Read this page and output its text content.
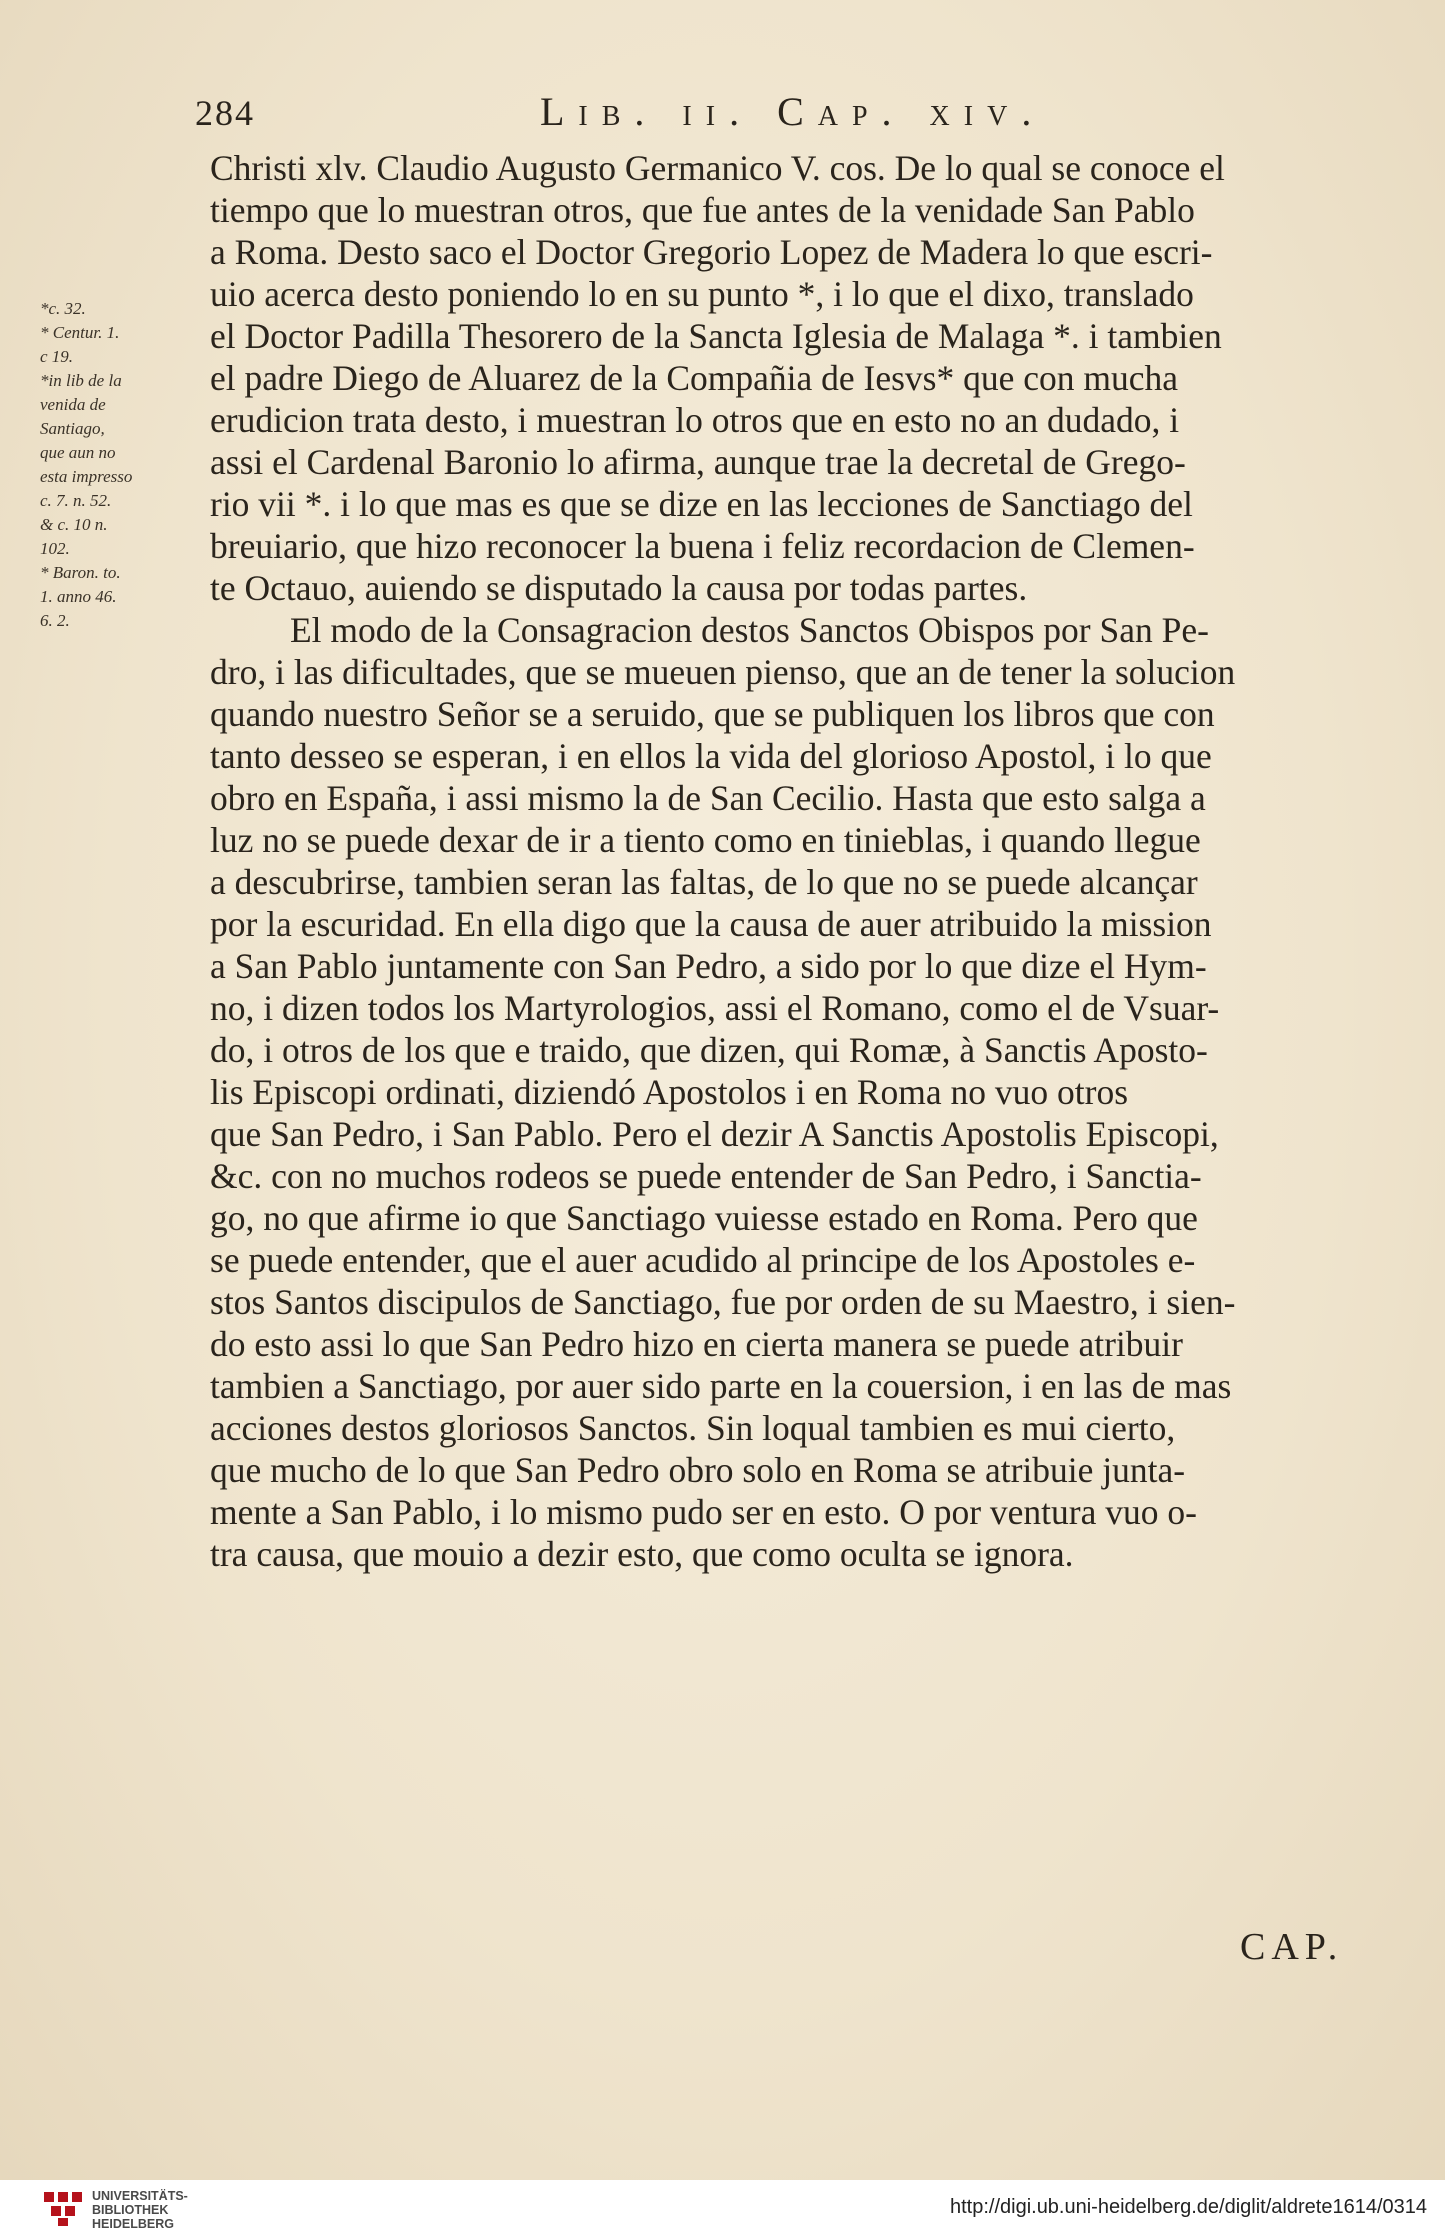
284	Lib. ii. Cap. xiv.
*c. 32.
* Centur. 1.
c 19.
*in lib de la
venida de
Santiago,
que aun no
esta impresso
c. 7. n. 52.
& c. 10 n.
102.
* Baron. to.
1. anno 46.
6. 2.
Christi xlv. Claudio Augusto Germanico V. cos. De lo qual se conoce el
tiempo que lo muestran otros, que fue antes de la venidade San Pablo
a Roma. Desto saco el Doctor Gregorio Lopez de Madera lo que escri-
uio acerca desto poniendo lo en su punto *, i lo que el dixo, translado
el Doctor Padilla Thesorero de la Sancta Iglesia de Malaga *. i tambien
el padre Diego de Aluarez de la Compañia de Iesvs* que con mucha
erudicion trata desto, i muestran lo otros que en esto no an dudado, i
assi el Cardenal Baronio lo afirma, aunque trae la decretal de Grego-
rio vii *. i lo que mas es que se dize en las lecciones de Sanctiago del
breuiario, que hizo reconocer la buena i feliz recordacion de Clemen-
te Octauo, auiendo se disputado la causa por todas partes.
El modo de la Consagracion destos Sanctos Obispos por San Pe-
dro, i las dificultades, que se mueuen pienso, que an de tener la solucion
quando nuestro Señor se a seruido, que se publiquen los libros que con
tanto desseo se esperan, i en ellos la vida del glorioso Apostol, i lo que
obro en España, i assi mismo la de San Cecilio. Hasta que esto salga a
luz no se puede dexar de ir a tiento como en tinieblas, i quando llegue
a descubrirse, tambien seran las faltas, de lo que no se puede alcançar
por la escuridad. En ella digo que la causa de auer atribuido la mission
a San Pablo juntamente con San Pedro, a sido por lo que dize el Hym-
no, i dizen todos los Martyrologios, assi el Romano, como el de Vsuar-
do, i otros de los que e traido, que dizen, qui Romæ, à Sanctis Aposto-
lis Episcopi ordinati, diziendó Apostolos i en Roma no vuo otros
que San Pedro, i San Pablo. Pero el dezir A Sanctis Apostolis Episcopi,
&c. con no muchos rodeos se puede entender de San Pedro, i Sanctia-
go, no que afirme io que Sanctiago vuiesse estado en Roma. Pero que
se puede entender, que el auer acudido al principe de los Apostoles e-
stos Santos discipulos de Sanctiago, fue por orden de su Maestro, i sien-
do esto assi lo que San Pedro hizo en cierta manera se puede atribuir
tambien a Sanctiago, por auer sido parte en la couersion, i en las de mas
acciones destos gloriosos Sanctos. Sin loqual tambien es mui cierto,
que mucho de lo que San Pedro obro solo en Roma se atribuie junta-
mente a San Pablo, i lo mismo pudo ser en esto. O por ventura vuo o-
tra causa, que mouio a dezir esto, que como oculta se ignora.
CAP.
UNIVERSITÄTS-
BIBLIOTHEK
HEIDELBERG
http://digi.ub.uni-heidelberg.de/diglit/aldrete1614/0314
